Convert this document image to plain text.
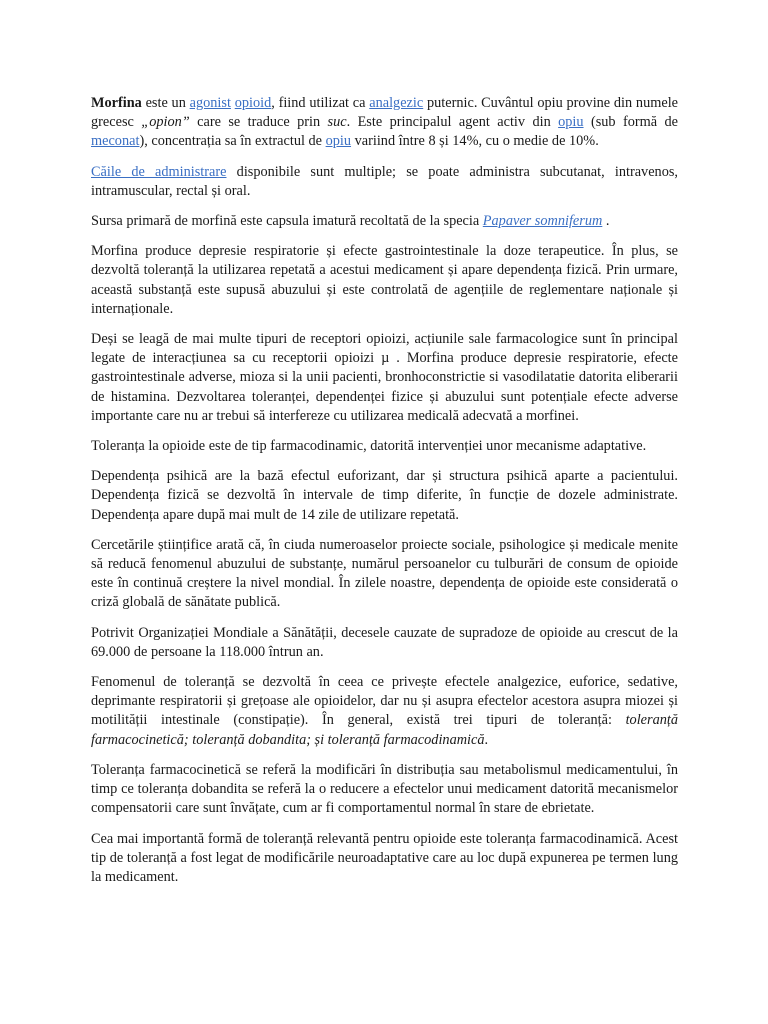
Morfina este un agonist opioid, fiind utilizat ca analgezic puternic. Cuvântul opiu provine din numele grecesc „opion” care se traduce prin suc. Este principalul agent activ din opiu (sub formă de meconat), concentrația sa în extractul de opiu variind între 8 și 14%, cu o medie de 10%.

Căile de administrare disponibile sunt multiple; se poate administra subcutanat, intravenos, intramuscular, rectal și oral.

Sursa primară de morfină este capsula imatură recoltată de la specia Papaver somniferum .

Morfina produce depresie respiratorie și efecte gastrointestinale la doze terapeutice. În plus, se dezvoltă toleranță la utilizarea repetată a acestui medicament și apare dependența fizică. Prin urmare, această substanță este supusă abuzului și este controlată de agențiile de reglementare naționale și internaționale.

Deși se leagă de mai multe tipuri de receptori opioizi, acțiunile sale farmacologice sunt în principal legate de interacțiunea sa cu receptorii opioizi µ . Morfina produce depresie respiratorie, efecte gastrointestinale adverse, mioza si la unii pacienti, bronhoconstrictie si vasodilatatie datorita eliberarii de histamina. Dezvoltarea toleranței, dependenței fizice și abuzului sunt potențiale efecte adverse importante care nu ar trebui să interfereze cu utilizarea medicală adecvată a morfinei.

Toleranța la opioide este de tip farmacodinamic, datorită intervenției unor mecanisme adaptative.

Dependența psihică are la bază efectul euforizant, dar și structura psihică aparte a pacientului. Dependența fizică se dezvoltă în intervale de timp diferite, în funcție de dozele administrate. Dependența apare după mai mult de 14 zile de utilizare repetată.

Cercetările științifice arată că, în ciuda numeroaselor proiecte sociale, psihologice și medicale menite să reducă fenomenul abuzului de substanțe, numărul persoanelor cu tulburări de consum de opioide este în continuă creștere la nivel mondial. În zilele noastre, dependența de opioide este considerată o criză globală de sănătate publică.

Potrivit Organizației Mondiale a Sănătății, decesele cauzate de supradoze de opioide au crescut de la 69.000 de persoane la 118.000 întrun an.

Fenomenul de toleranță se dezvoltă în ceea ce privește efectele analgezice, euforice, sedative, deprimante respiratorii și grețoase ale opioidelor, dar nu și asupra efectelor acestora asupra miozei și motilității intestinale (constipație). În general, există trei tipuri de toleranță: toleranță farmacocinetică; toleranță dobandita; și toleranță farmacodinamică.

Toleranța farmacocinetică se referă la modificări în distribuția sau metabolismul medicamentului, în timp ce toleranța dobandita se referă la o reducere a efectelor unui medicament datorită mecanismelor compensatorii care sunt învățate, cum ar fi comportamentul normal în stare de ebrietate.

Cea mai importantă formă de toleranță relevantă pentru opioide este toleranța farmacodinamică. Acest tip de toleranță a fost legat de modificările neuroadaptative care au loc după expunerea pe termen lung la medicament.
